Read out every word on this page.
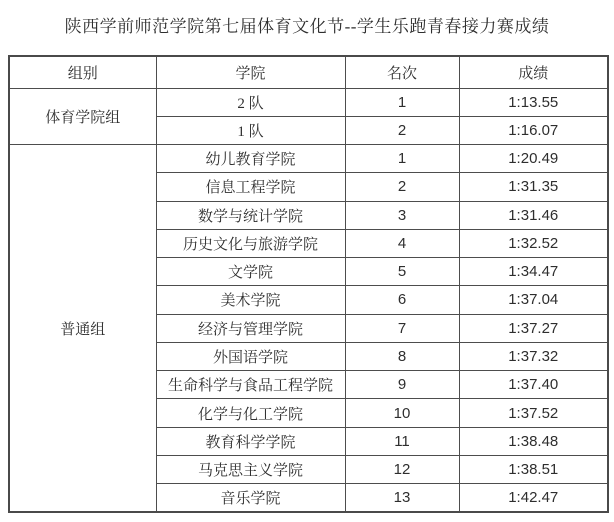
陕西学前师范学院第七届体育文化节--学生乐跑青春接力赛成绩
组别	学院	名次	成绩
体育学院组	2 队	1	1:13.55
	1 队	2	1:16.07
普通组	幼儿教育学院	1	1:20.49
	信息工程学院	2	1:31.35
	数学与统计学院	3	1:31.46
	历史文化与旅游学院	4	1:32.52
	文学院	5	1:34.47
	美术学院	6	1:37.04
	经济与管理学院	7	1:37.27
	外国语学院	8	1:37.32
	生命科学与食品工程学院	9	1:37.40
	化学与化工学院	10	1:37.52
	教育科学学院	11	1:38.48
	马克思主义学院	12	1:38.51
	音乐学院	13	1:42.47
